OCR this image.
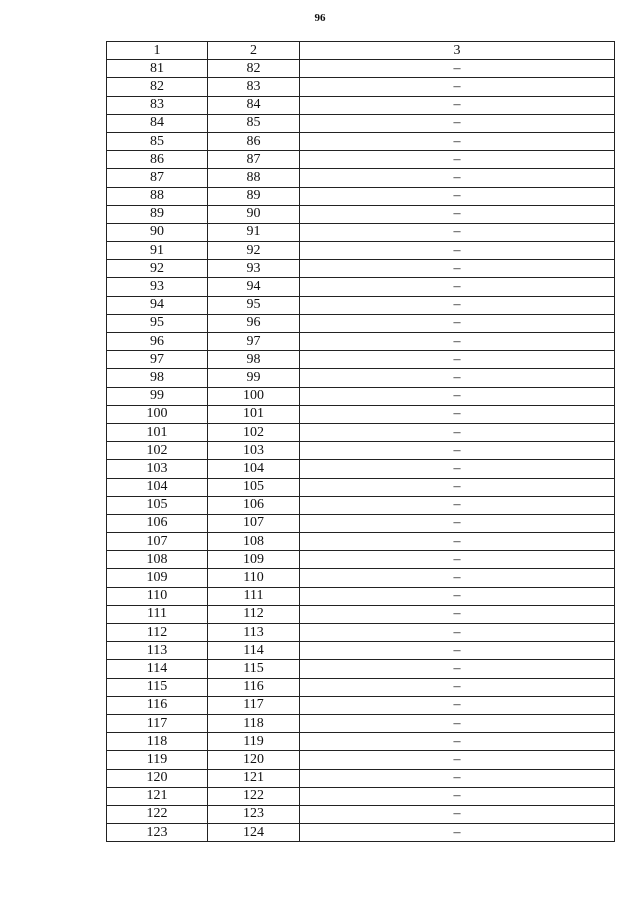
96
1	2	3
81	82	–
82	83	–
83	84	–
84	85	–
85	86	–
86	87	–
87	88	–
88	89	–
89	90	–
90	91	–
91	92	–
92	93	–
93	94	–
94	95	–
95	96	–
96	97	–
97	98	–
98	99	–
99	100	–
100	101	–
101	102	–
102	103	–
103	104	–
104	105	–
105	106	–
106	107	–
107	108	–
108	109	–
109	110	–
110	111	–
111	112	–
112	113	–
113	114	–
114	115	–
115	116	–
116	117	–
117	118	–
118	119	–
119	120	–
120	121	–
121	122	–
122	123	–
123	124	–
